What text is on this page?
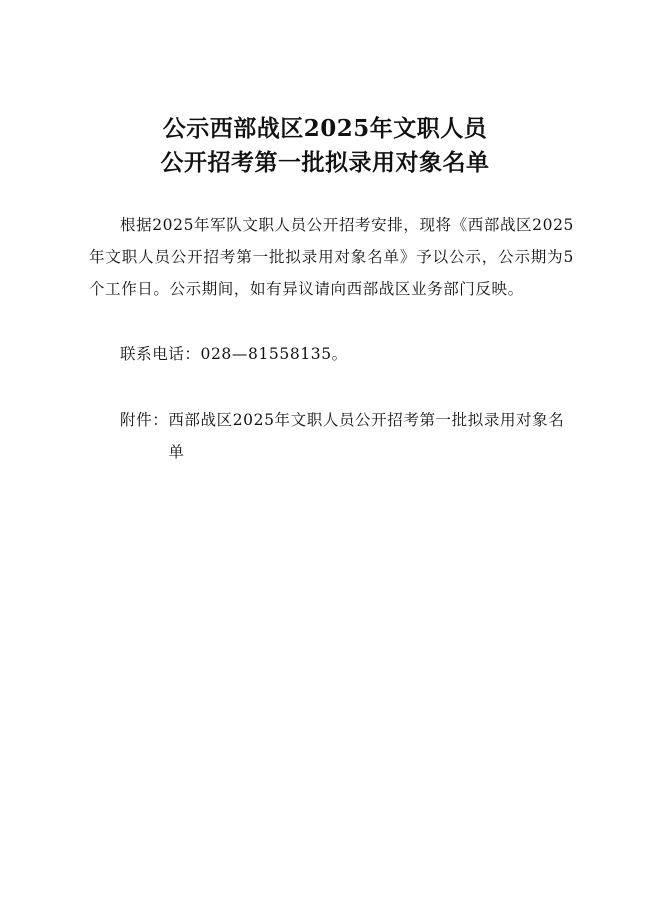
公示西部战区2025年文职人员
公开招考第一批拟录用对象名单
根据2025年军队文职人员公开招考安排，现将《西部战区2025年文职人员公开招考第一批拟录用对象名单》予以公示，公示期为5个工作日。公示期间，如有异议请向西部战区业务部门反映。
联系电话：028—81558135。
附件： 西部战区2025年文职人员公开招考第一批拟录用对象名单
